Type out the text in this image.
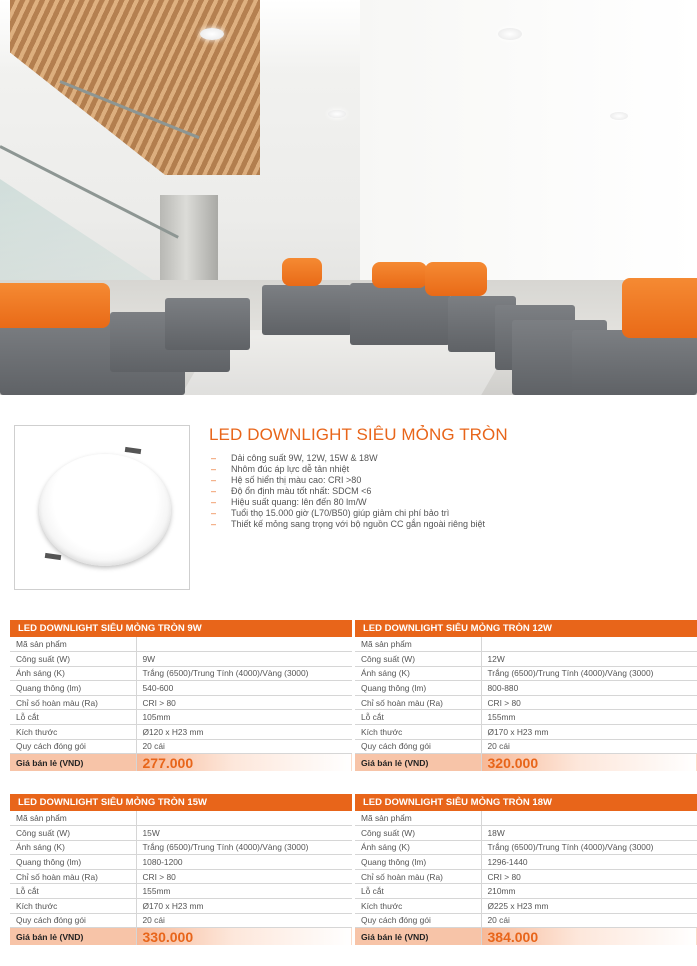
LED DOWNLIGHT SIÊU MỎNG TRÒN
– Dải công suất 9W, 12W, 15W & 18W
– Nhôm đúc áp lực dễ tản nhiệt
– Hệ số hiển thị màu cao: CRI >80
– Độ ổn định màu tốt nhất: SDCM <6
– Hiệu suất quang: lên đến 80 lm/W
– Tuổi thọ 15.000 giờ (L70/B50) giúp giảm chi phí bảo trì
– Thiết kế mỏng sang trọng với bộ nguồn CC gắn ngoài riêng biệt
LED DOWNLIGHT SIÊU MỎNG TRÒN 9W
Mã sản phẩm	
Công suất (W)	9W
Ánh sáng (K)	Trắng (6500)/Trung Tính (4000)/Vàng (3000)
Quang thông (lm)	540-600
Chỉ số hoàn màu (Ra)	CRI > 80
Lỗ cắt	105mm
Kích thước	Ø120 x H23 mm
Quy cách đóng gói	20 cái
Giá bán lẻ (VND)	277.000
LED DOWNLIGHT SIÊU MỎNG TRÒN 12W
Mã sản phẩm	
Công suất (W)	12W
Ánh sáng (K)	Trắng (6500)/Trung Tính (4000)/Vàng (3000)
Quang thông (lm)	800-880
Chỉ số hoàn màu (Ra)	CRI > 80
Lỗ cắt	155mm
Kích thước	Ø170 x H23 mm
Quy cách đóng gói	20 cái
Giá bán lẻ (VND)	320.000
LED DOWNLIGHT SIÊU MỎNG TRÒN 15W
Mã sản phẩm	
Công suất (W)	15W
Ánh sáng (K)	Trắng (6500)/Trung Tính (4000)/Vàng (3000)
Quang thông (lm)	1080-1200
Chỉ số hoàn màu (Ra)	CRI > 80
Lỗ cắt	155mm
Kích thước	Ø170 x H23 mm
Quy cách đóng gói	20 cái
Giá bán lẻ (VND)	330.000
LED DOWNLIGHT SIÊU MỎNG TRÒN 18W
Mã sản phẩm	
Công suất (W)	18W
Ánh sáng (K)	Trắng (6500)/Trung Tính (4000)/Vàng (3000)
Quang thông (lm)	1296-1440
Chỉ số hoàn màu (Ra)	CRI > 80
Lỗ cắt	210mm
Kích thước	Ø225 x H23 mm
Quy cách đóng gói	20 cái
Giá bán lẻ (VND)	384.000
